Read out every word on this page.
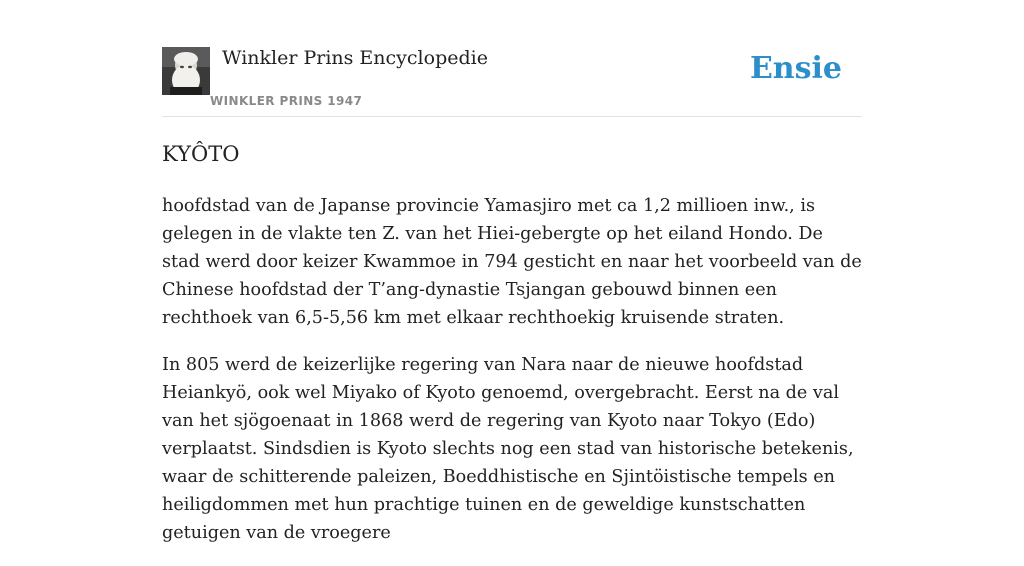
Winkler Prins Encyclopedie
WINKLER PRINS 1947
Ensie
KYÔTO

hoofdstad van de Japanse provincie Yamasjiro met ca 1,2 millioen inw., is gelegen in de vlakte ten Z. van het Hiei-gebergte op het eiland Hondo. De stad werd door keizer Kwammoe in 794 gesticht en naar het voorbeeld van de Chinese hoofdstad der T’ang-dynastie Tsjangan gebouwd binnen een rechthoek van 6,5-5,56 km met elkaar rechthoekig kruisende straten.

In 805 werd de keizerlijke regering van Nara naar de nieuwe hoofdstad Heiankyö, ook wel Miyako of Kyoto genoemd, overgebracht. Eerst na de val van het sjögoenaat in 1868 werd de regering van Kyoto naar Tokyo (Edo) verplaatst. Sindsdien is Kyoto slechts nog een stad van historische betekenis, waar de schitterende paleizen, Boeddhistische en Sjintöistische tempels en heiligdommen met hun prachtige tuinen en de geweldige kunstschatten getuigen van de vroegere
